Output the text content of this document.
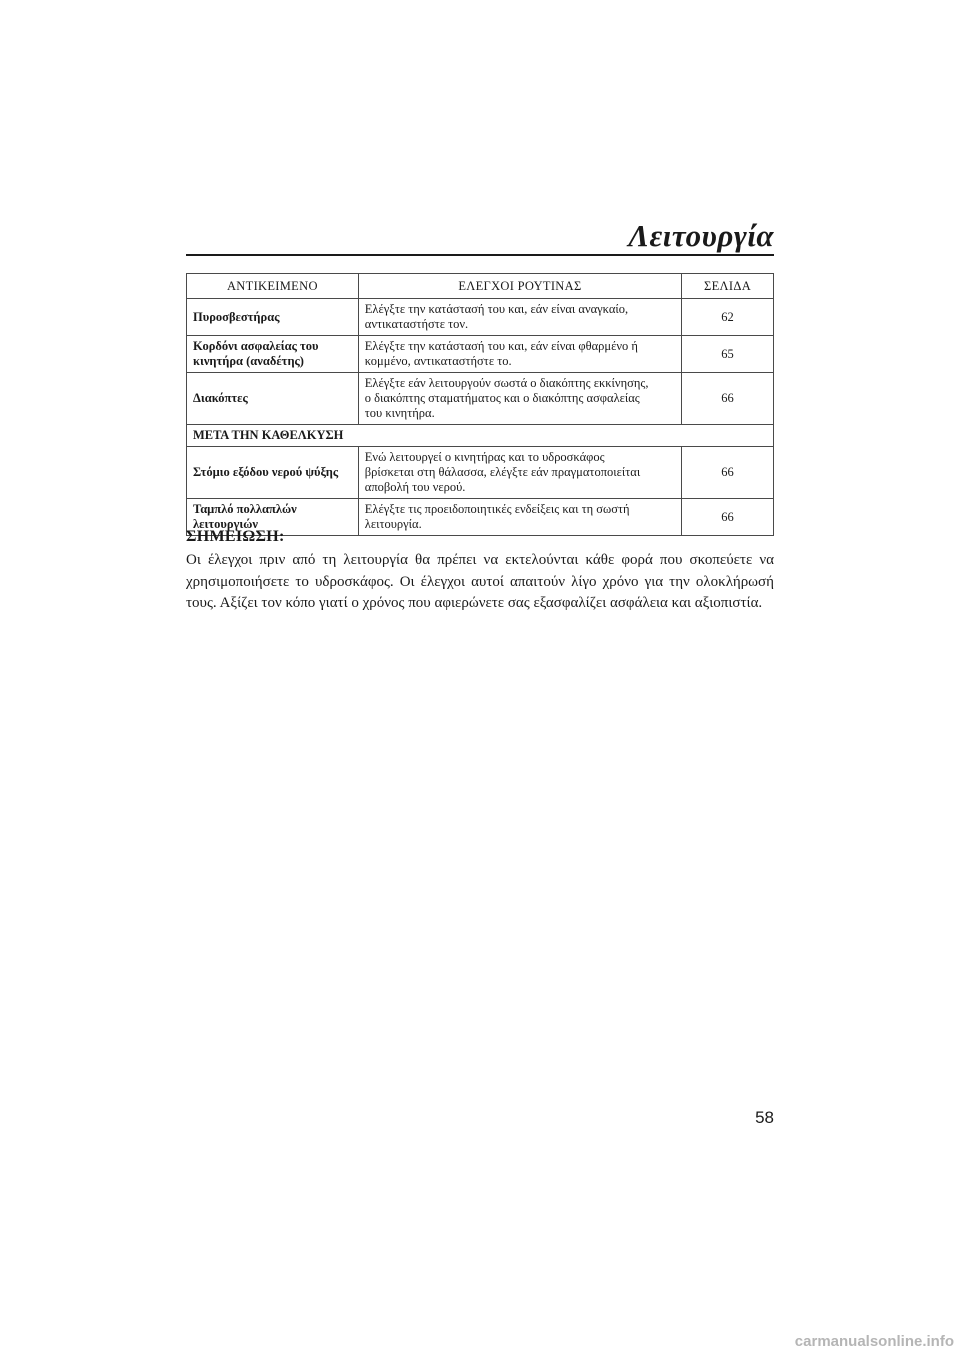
Λειτουργία
ΑΝΤΙΚΕΙΜΕΝΟ	ΕΛΕΓΧΟΙ ΡΟΥΤΙΝΑΣ	ΣΕΛΙΔΑ
Πυροσβεστήρας	Ελέγξτε την κατάστασή του και, εάν είναι αναγκαίο,
αντικαταστήστε τον.	62
Κορδόνι ασφαλείας του
κινητήρα (αναδέτης)	Ελέγξτε την κατάστασή του και, εάν είναι φθαρμένο ή
κομμένο, αντικαταστήστε το.	65
Διακόπτες	Ελέγξτε εάν λειτουργούν σωστά ο διακόπτης εκκίνησης,
ο διακόπτης σταματήματος και ο διακόπτης ασφαλείας
του κινητήρα.	66
ΜΕΤΑ ΤΗΝ ΚΑΘΕΛΚΥΣΗ		
Στόμιο εξόδου νερού ψύξης	Ενώ λειτουργεί ο κινητήρας και το υδροσκάφος
βρίσκεται στη θάλασσα, ελέγξτε εάν πραγματοποιείται
αποβολή του νερού.	66
Ταμπλό πολλαπλών
λειτουργιών	Ελέγξτε τις προειδοποιητικές ενδείξεις και τη σωστή
λειτουργία.	66
ΣΗΜΕΙΩΣΗ:

Οι έλεγχοι πριν από τη λειτουργία θα πρέπει να εκτελούνται κάθε φορά που σκοπεύετε να χρησιμοποιήσετε το υδροσκάφος. Οι έλεγχοι αυτοί απαιτούν λίγο χρόνο για την ολοκλήρωσή τους. Αξίζει τον κόπο γιατί ο χρόνος που αφιερώνετε σας εξασφαλίζει ασφάλεια και αξιοπιστία.

58
carmanualsonline.info
